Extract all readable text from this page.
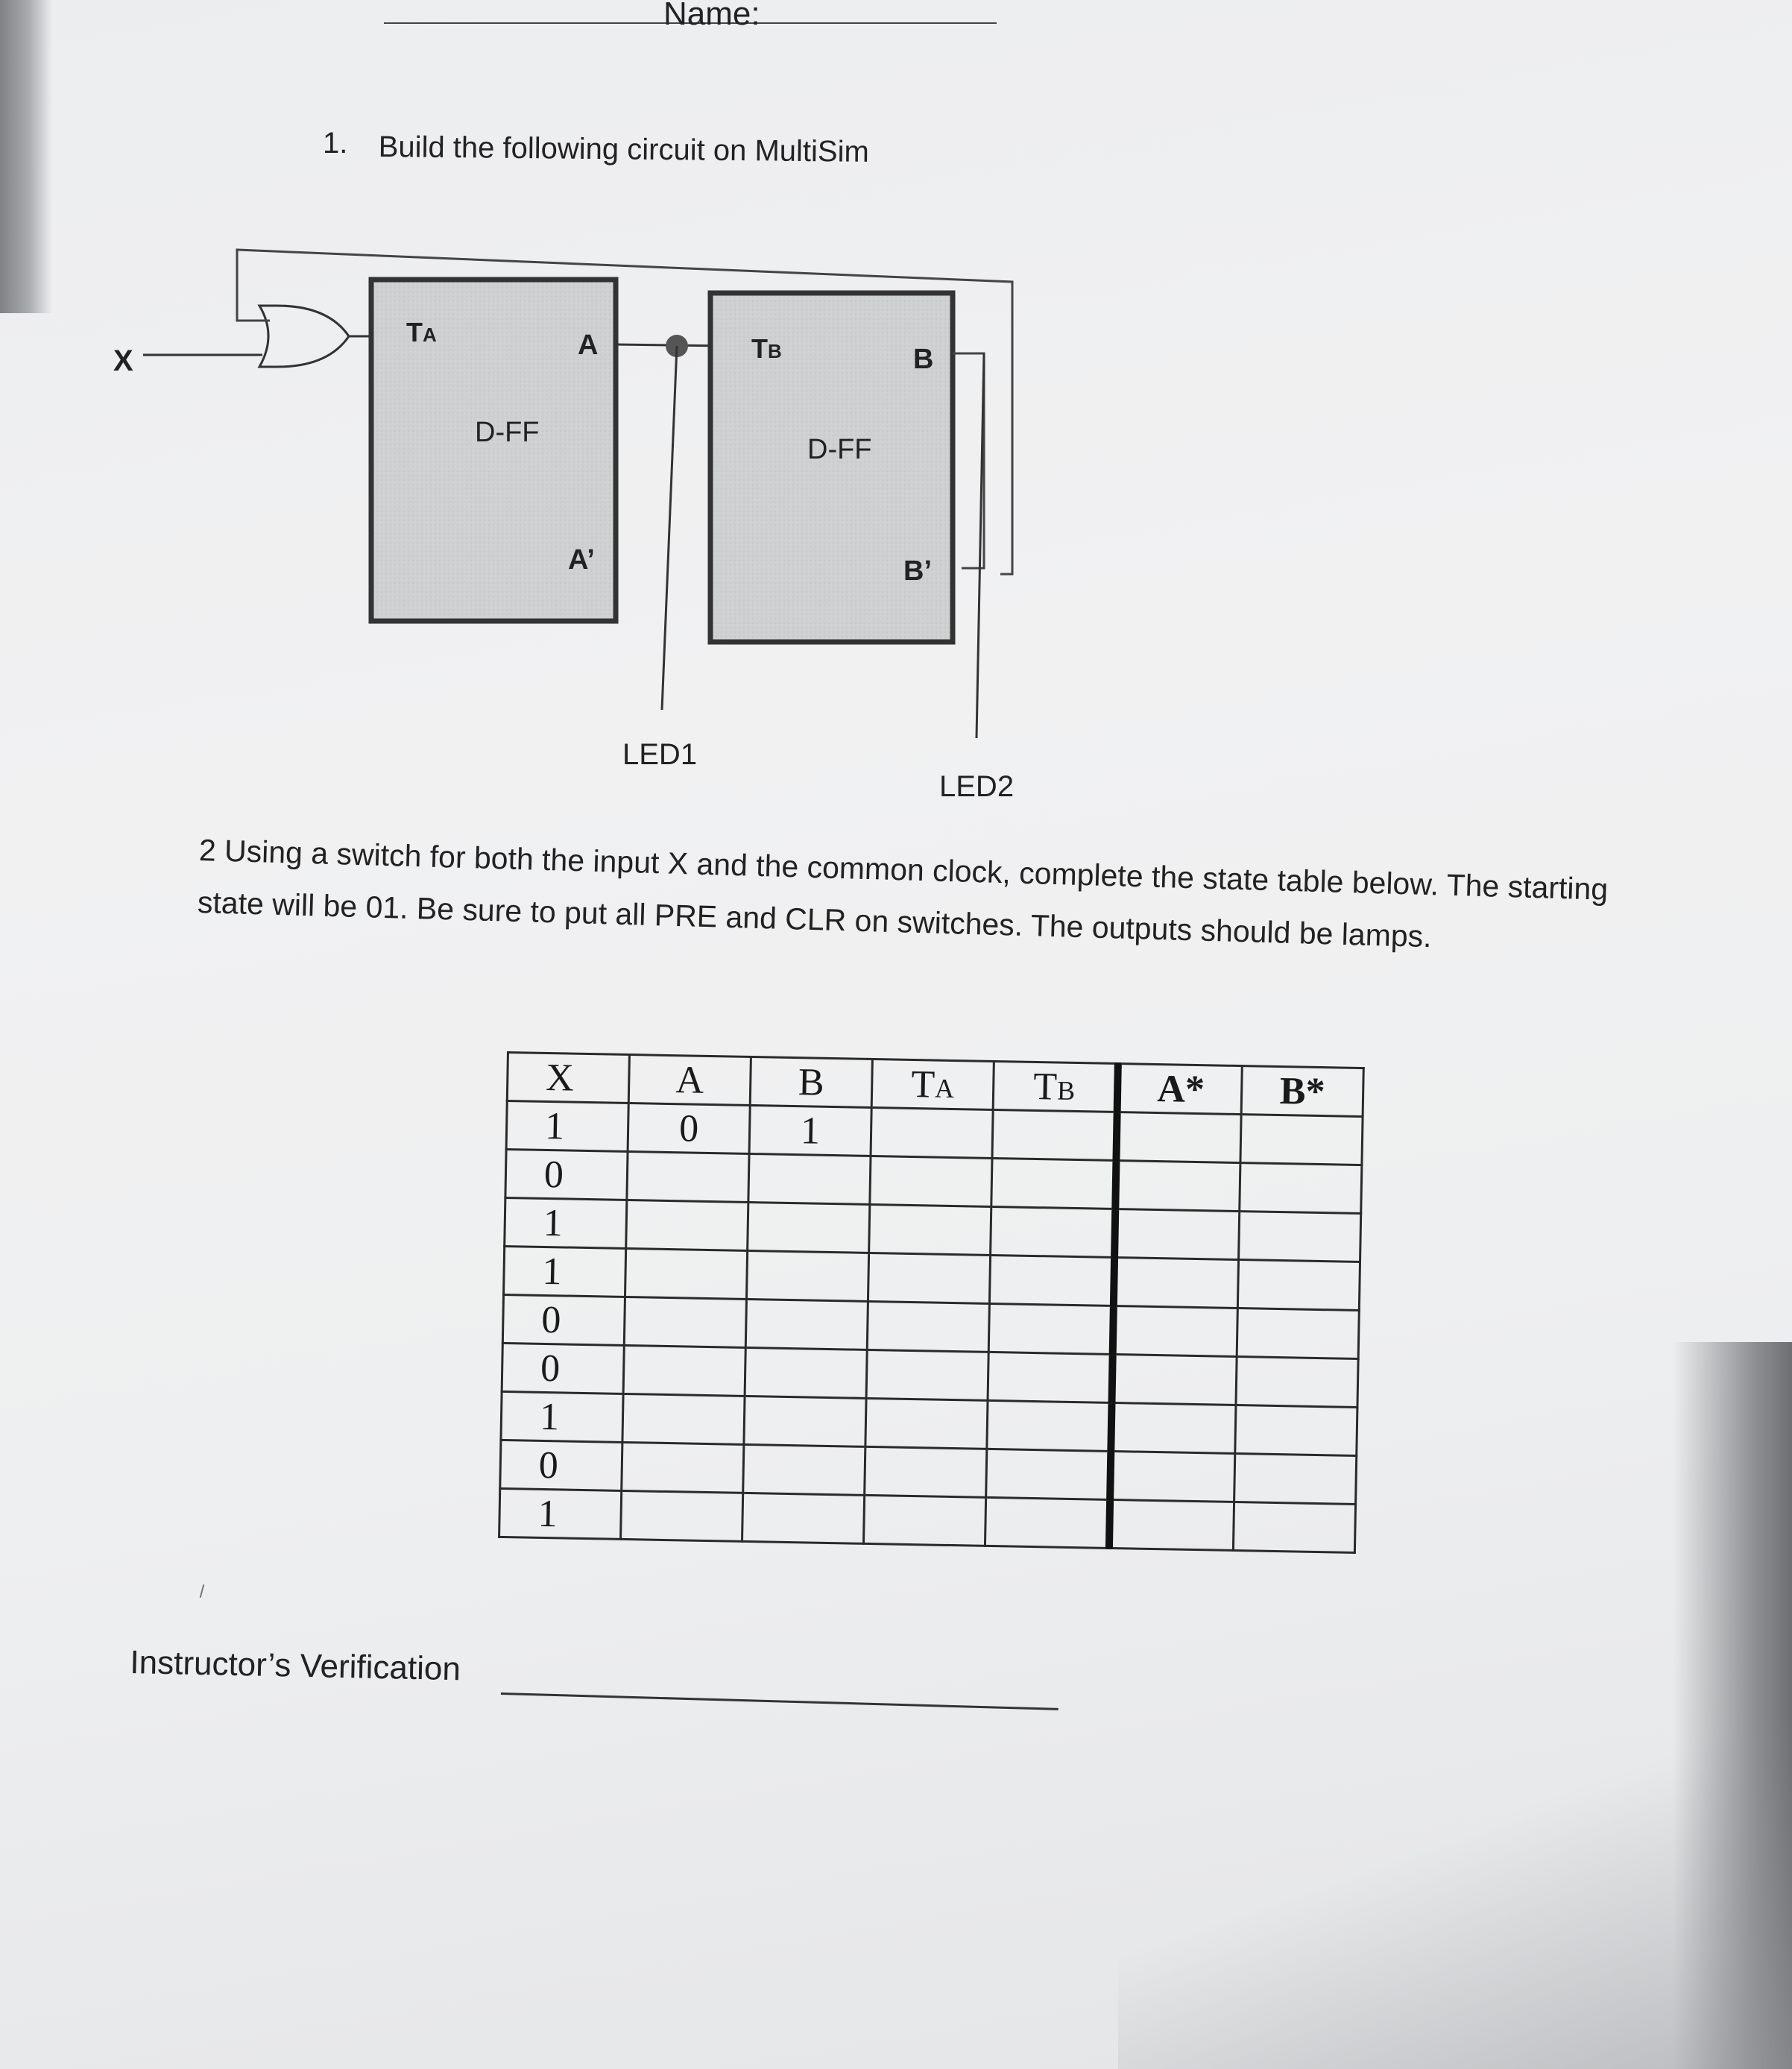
Name:
1. Build the following circuit on MultiSim
X
TA	A
D-FF
A’
TB	B
D-FF
B’
LED1
LED2
2 Using a switch for both the input X and the common clock, complete the state table below. The starting state will be 01. Be sure to put all PRE and CLR on switches. The outputs should be lamps.
X	A	B	TA	TB	A*	B*
1	0	1				
0						
1						
1						
0						
0						
1						
0						
1						
Instructor’s Verification
